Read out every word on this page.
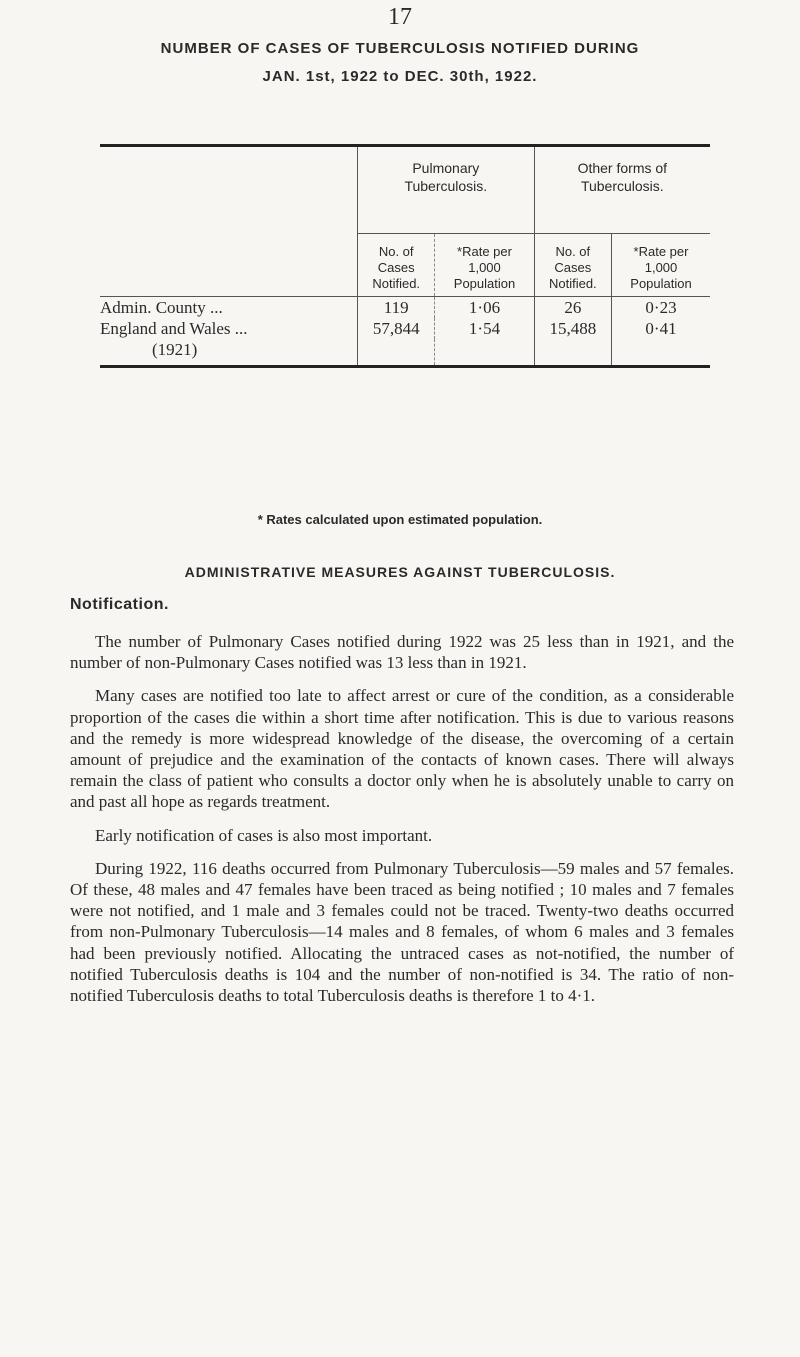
17
NUMBER OF CASES OF TUBERCULOSIS NOTIFIED DURING
JAN. 1st, 1922 to DEC. 30th, 1922.
	Pulmonary
Tuberculosis.		Other forms of
Tuberculosis.	
	No. of
Cases
Notified.	*Rate per
1,000
Population	No. of
Cases
Notified.	*Rate per
1,000
Population
Admin. County ...	119	1·06	26	0·23
England and Wales ...	57,844	1·54	15,488	0·41
(1921)				
* Rates calculated upon estimated population.
ADMINISTRATIVE MEASURES AGAINST TUBERCULOSIS.
Notification.

The number of Pulmonary Cases notified during 1922 was 25 less than in 1921, and the number of non-Pulmonary Cases notified was 13 less than in 1921.

Many cases are notified too late to affect arrest or cure of the condition, as a considerable proportion of the cases die within a short time after notification. This is due to various reasons and the remedy is more widespread knowledge of the disease, the overcoming of a certain amount of prejudice and the examination of the contacts of known cases. There will always remain the class of patient who consults a doctor only when he is absolutely unable to carry on and past all hope as regards treatment.

Early notification of cases is also most important.

During 1922, 116 deaths occurred from Pulmonary Tuberculosis—59 males and 57 females. Of these, 48 males and 47 females have been traced as being notified ; 10 males and 7 females were not notified, and 1 male and 3 females could not be traced. Twenty-two deaths occurred from non-Pulmonary Tuberculosis—14 males and 8 females, of whom 6 males and 3 females had been previously notified. Allocating the untraced cases as not-notified, the number of notified Tuberculosis deaths is 104 and the number of non-notified is 34. The ratio of non-notified Tuberculosis deaths to total Tuberculosis deaths is therefore 1 to 4·1.
